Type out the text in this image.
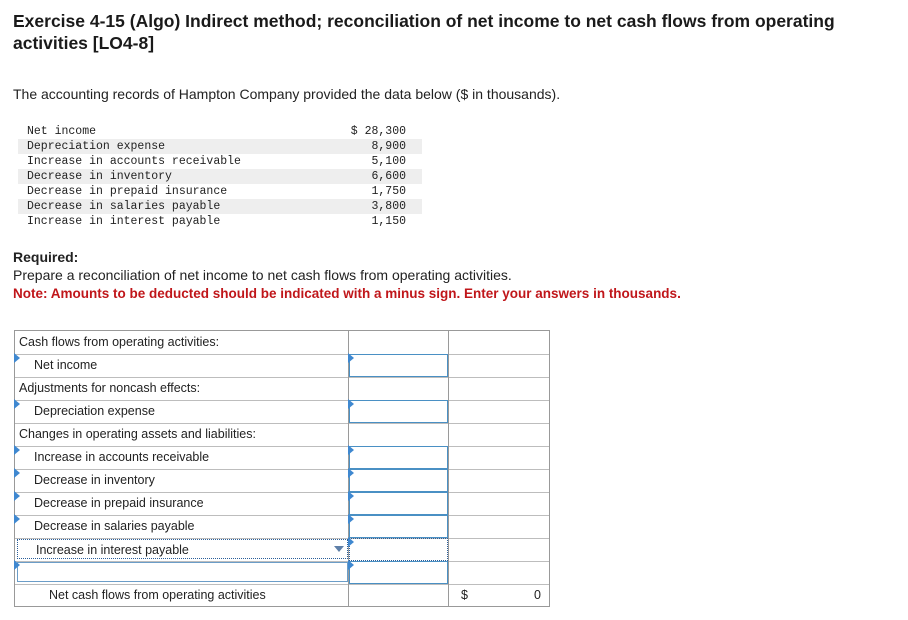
Exercise 4-15 (Algo) Indirect method; reconciliation of net income to net cash flows from operating activities [LO4-8]
The accounting records of Hampton Company provided the data below ($ in thousands).
Net income	$ 28,300
Depreciation expense	8,900
Increase in accounts receivable	5,100
Decrease in inventory	6,600
Decrease in prepaid insurance	1,750
Decrease in salaries payable	3,800
Increase in interest payable	1,150
Required:
Prepare a reconciliation of net income to net cash flows from operating activities.
Note: Amounts to be deducted should be indicated with a minus sign. Enter your answers in thousands.
Cash flows from operating activities:
Net income
Adjustments for noncash effects:
Depreciation expense
Changes in operating assets and liabilities:
Increase in accounts receivable
Decrease in inventory
Decrease in prepaid insurance
Decrease in salaries payable
Increase in interest payable
Net cash flows from operating activities	$	0
